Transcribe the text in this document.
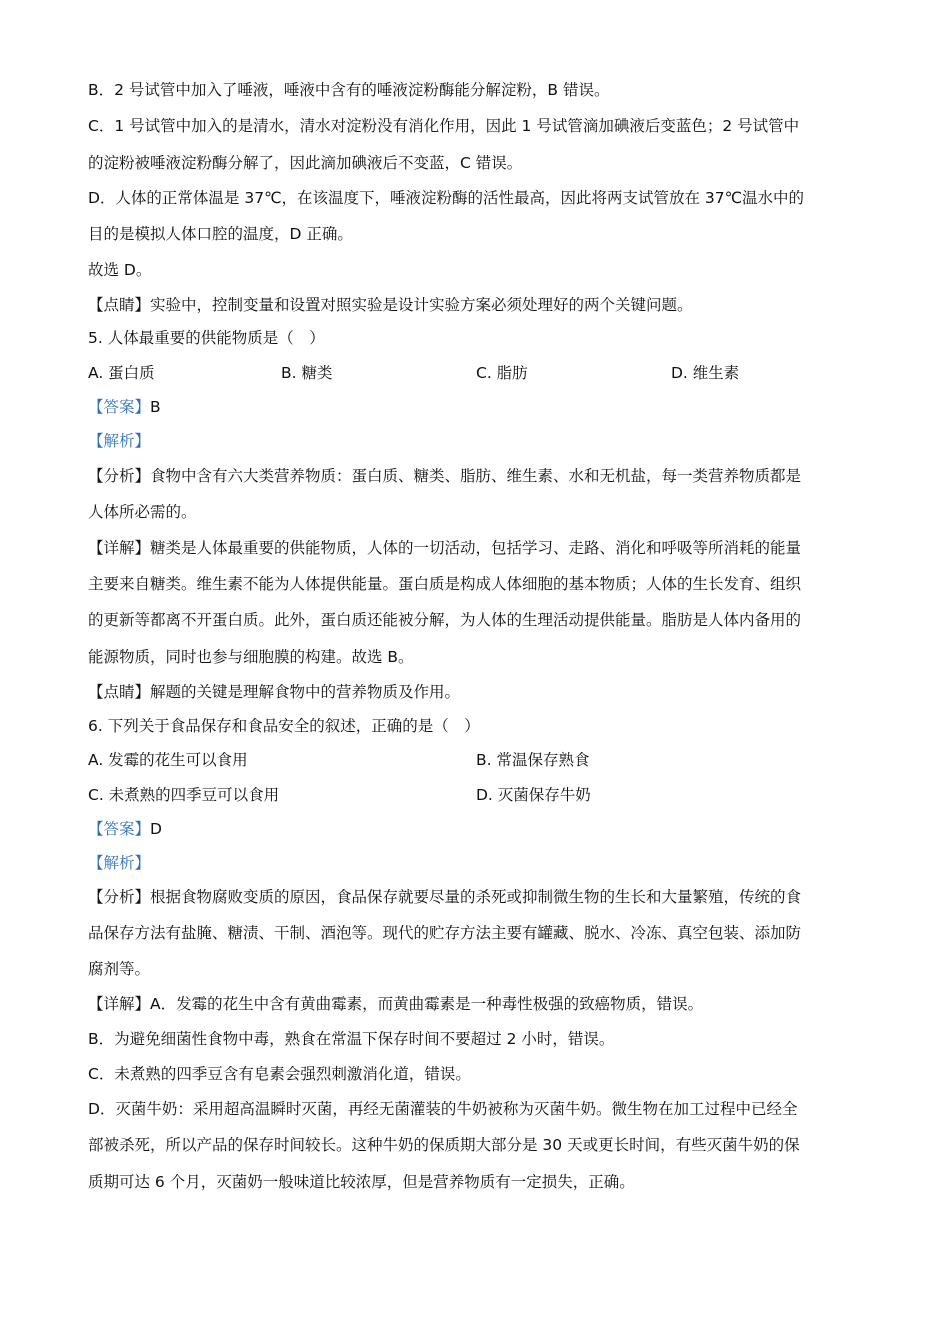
B．2 号试管中加入了唾液，唾液中含有的唾液淀粉酶能分解淀粉，B 错误。
C．1 号试管中加入的是清水，清水对淀粉没有消化作用，因此 1 号试管滴加碘液后变蓝色；2 号试管中
的淀粉被唾液淀粉酶分解了，因此滴加碘液后不变蓝，C 错误。
D．人体的正常体温是 37℃，在该温度下，唾液淀粉酶的活性最高，因此将两支试管放在 37℃温水中的
目的是模拟人体口腔的温度，D 正确。
故选 D。
【点睛】实验中，控制变量和设置对照实验是设计实验方案必须处理好的两个关键问题。
5. 人体最重要的供能物质是（　）
A. 蛋白质	B. 糖类	C. 脂肪	D. 维生素
【答案】B
【解析】
【分析】食物中含有六大类营养物质：蛋白质、糖类、脂肪、维生素、水和无机盐，每一类营养物质都是
人体所必需的。
【详解】糖类是人体最重要的供能物质，人体的一切活动，包括学习、走路、消化和呼吸等所消耗的能量
主要来自糖类。维生素不能为人体提供能量。蛋白质是构成人体细胞的基本物质；人体的生长发育、组织
的更新等都离不开蛋白质。此外，蛋白质还能被分解，为人体的生理活动提供能量。脂肪是人体内备用的
能源物质，同时也参与细胞膜的构建。故选 B。
【点睛】解题的关键是理解食物中的营养物质及作用。
6. 下列关于食品保存和食品安全的叙述，正确的是（　）
A. 发霉的花生可以食用	B. 常温保存熟食
C. 未煮熟的四季豆可以食用	D. 灭菌保存牛奶
【答案】D
【解析】
【分析】根据食物腐败变质的原因，食品保存就要尽量的杀死或抑制微生物的生长和大量繁殖，传统的食
品保存方法有盐腌、糖渍、干制、酒泡等。现代的贮存方法主要有罐藏、脱水、冷冻、真空包装、添加防
腐剂等。
【详解】A．发霉的花生中含有黄曲霉素，而黄曲霉素是一种毒性极强的致癌物质，错误。
B．为避免细菌性食物中毒，熟食在常温下保存时间不要超过 2 小时，错误。
C．未煮熟的四季豆含有皂素会强烈刺激消化道，错误。
D．灭菌牛奶：采用超高温瞬时灭菌，再经无菌灌装的牛奶被称为灭菌牛奶。微生物在加工过程中已经全
部被杀死，所以产品的保存时间较长。这种牛奶的保质期大部分是 30 天或更长时间，有些灭菌牛奶的保
质期可达 6 个月，灭菌奶一般味道比较浓厚，但是营养物质有一定损失，正确。
